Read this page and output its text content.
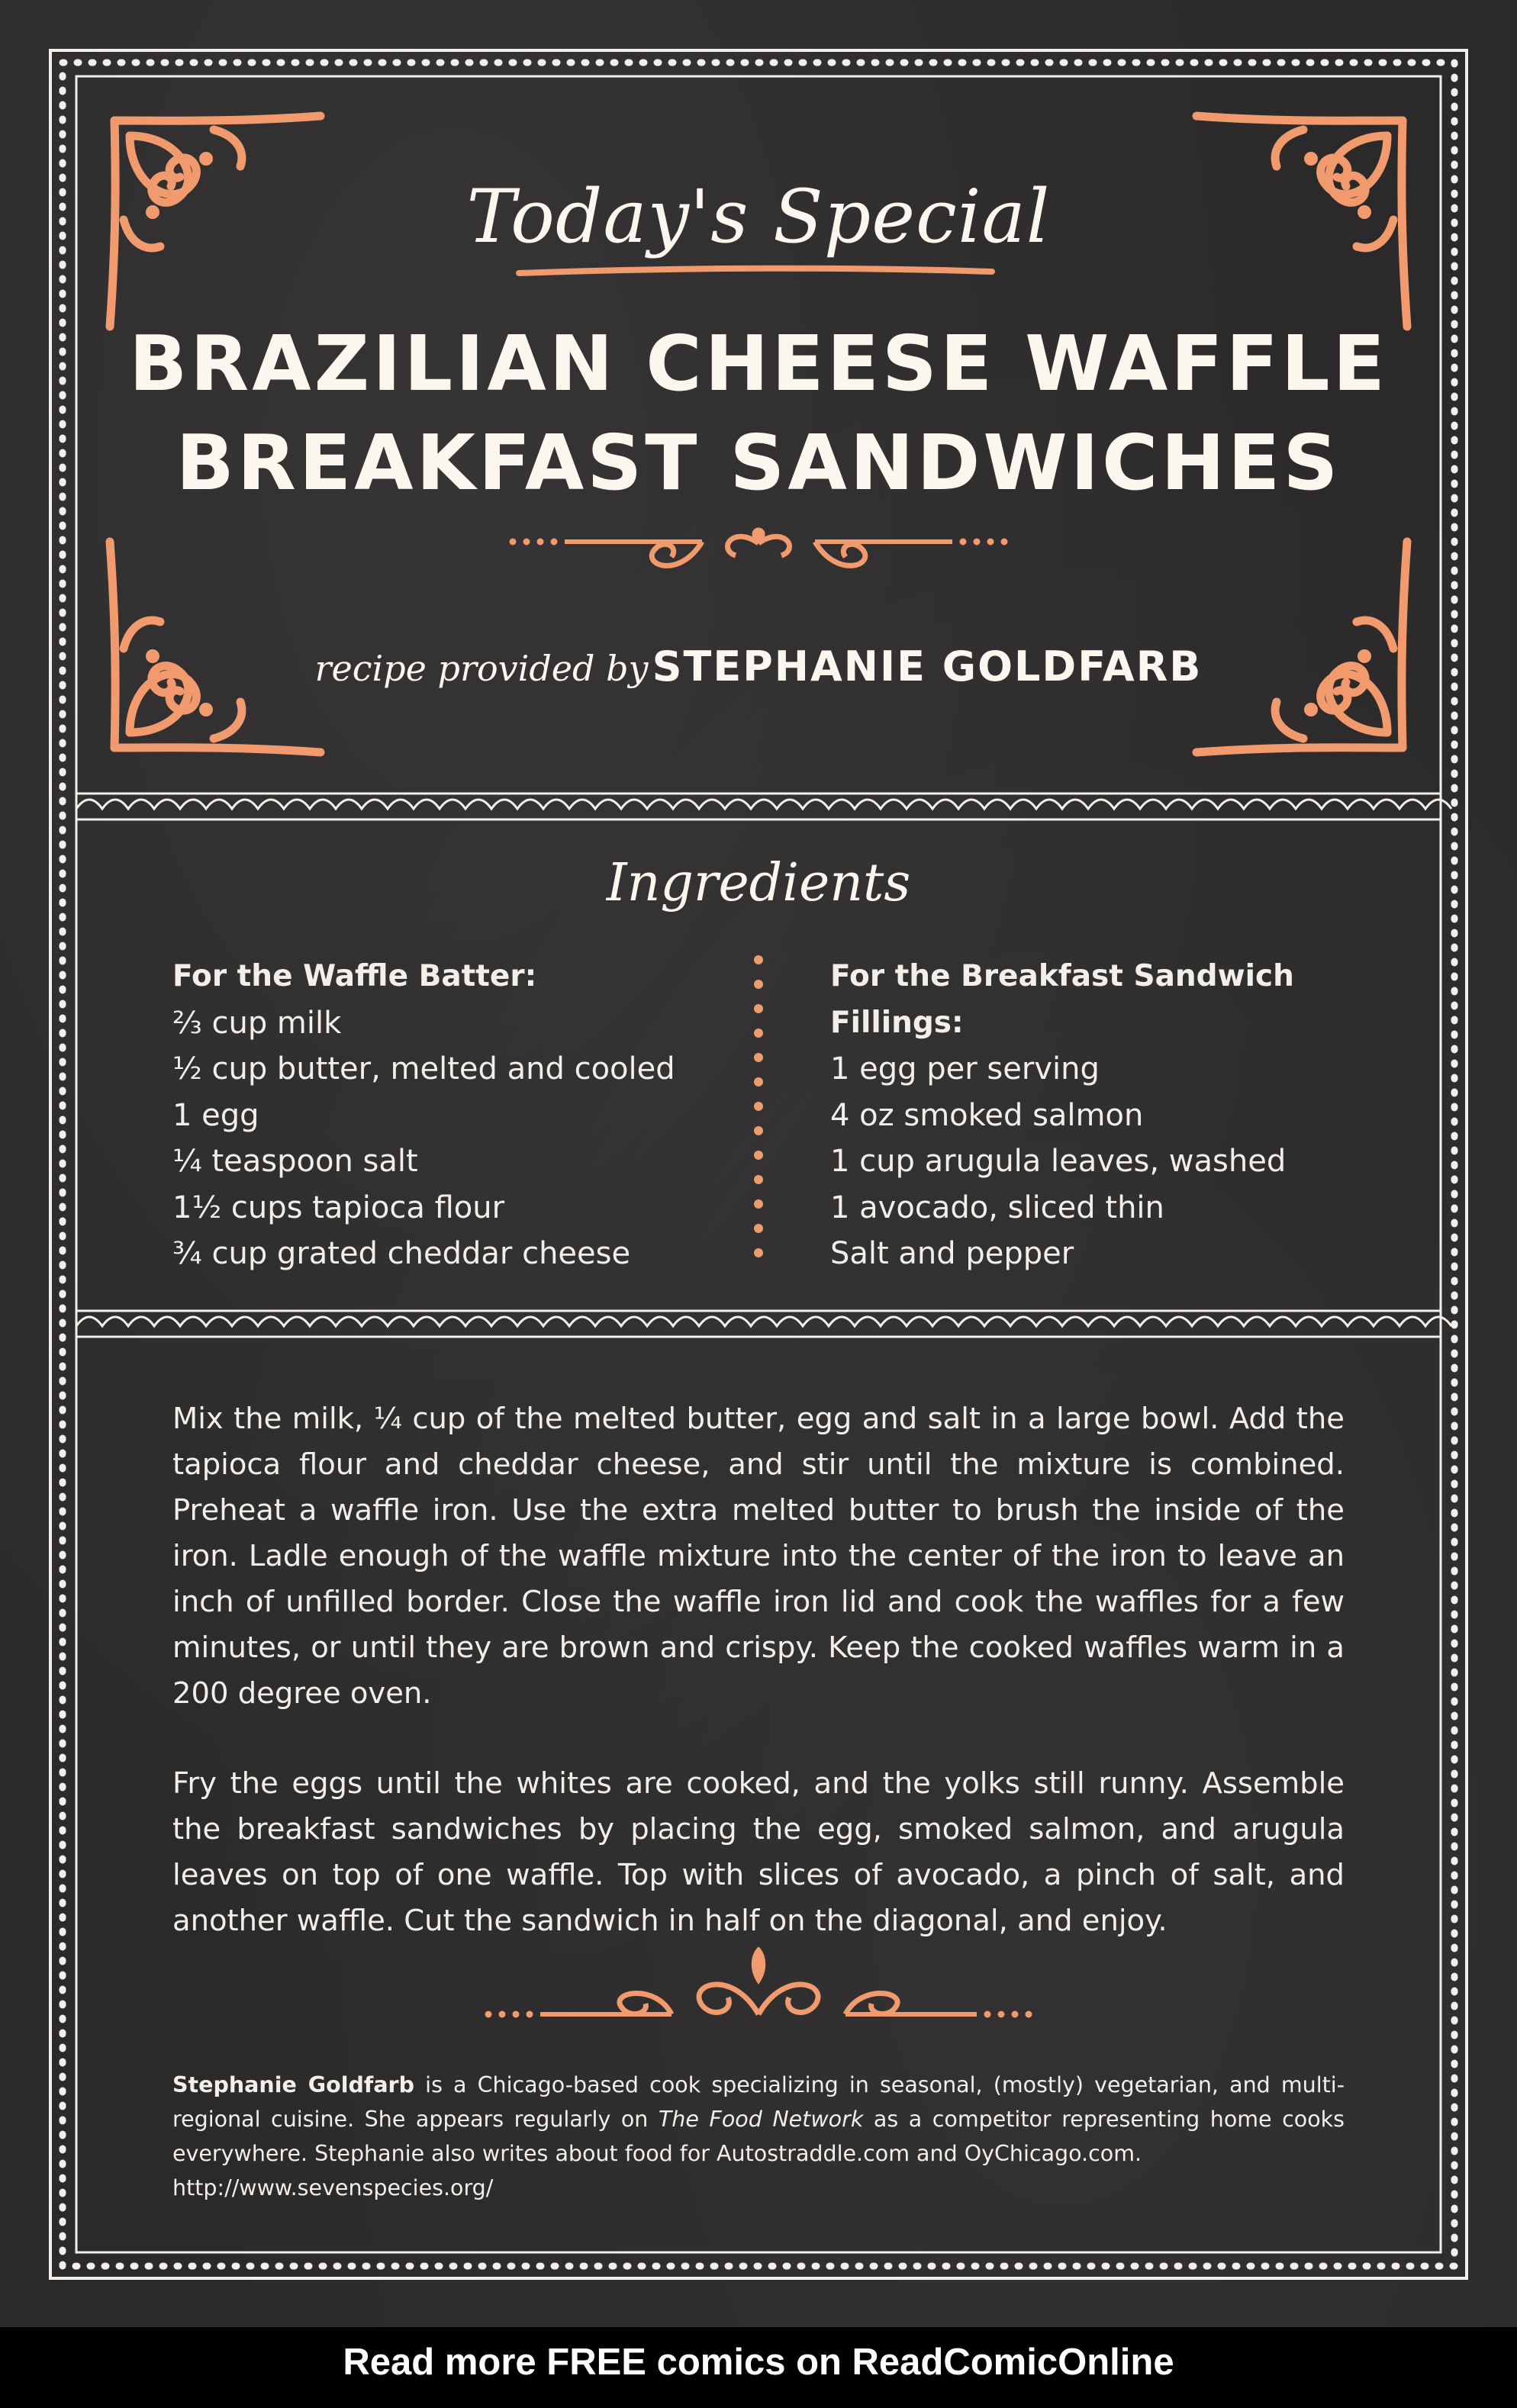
Today's Special
BRAZILIAN CHEESE WAFFLE
BREAKFAST SANDWICHES
recipe provided by STEPHANIE GOLDFARB
Ingredients
For the Waffle Batter:
⅔ cup milk
½ cup butter, melted and cooled
1 egg
¼ teaspoon salt
1½ cups tapioca flour
¾ cup grated cheddar cheese
For the Breakfast Sandwich Fillings:
1 egg per serving
4 oz smoked salmon
1 cup arugula leaves, washed
1 avocado, sliced thin
Salt and pepper

Mix the milk, ¼ cup of the melted butter, egg and salt in a large bowl. Add the tapioca flour and cheddar cheese, and stir until the mixture is combined. Preheat a waffle iron. Use the extra melted butter to brush the inside of the iron. Ladle enough of the waffle mixture into the center of the iron to leave an inch of unfilled border. Close the waffle iron lid and cook the waffles for a few minutes, or until they are brown and crispy. Keep the cooked waffles warm in a 200 degree oven.

Fry the eggs until the whites are cooked, and the yolks still runny. Assemble the breakfast sandwiches by placing the egg, smoked salmon, and arugula leaves on top of one waffle. Top with slices of avocado, a pinch of salt, and another waffle. Cut the sandwich in half on the diagonal, and enjoy.

Stephanie Goldfarb is a Chicago-based cook specializing in seasonal, (mostly) vegetarian, and multi-regional cuisine. She appears regularly on The Food Network as a competitor representing home cooks everywhere. Stephanie also writes about food for Autostraddle.com and OyChicago.com.
http://www.sevenspecies.org/
Read more FREE comics on ReadComicOnline
